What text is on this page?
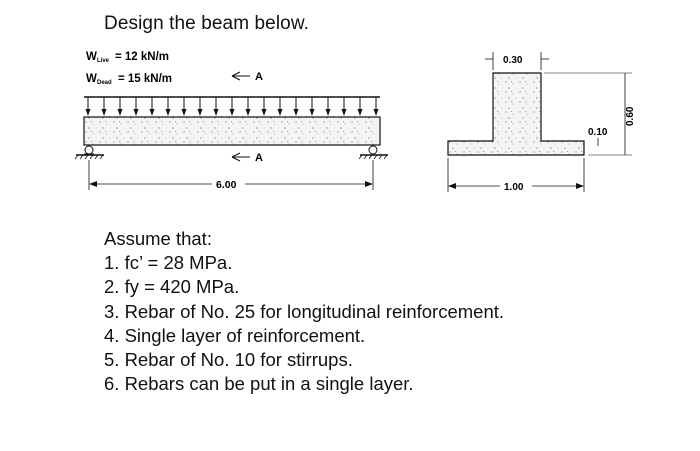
Design the beam below.
W Live = 12 kN/m
W Dead = 15 kN/m	A
A
6.00
0.30
0.10
0.60
1.00
Assume that:
1. fc’ = 28 MPa.
2. fy = 420 MPa.
3. Rebar of No. 25 for longitudinal reinforcement.
4. Single layer of reinforcement.
5. Rebar of No. 10 for stirrups.
6. Rebars can be put in a single layer.
